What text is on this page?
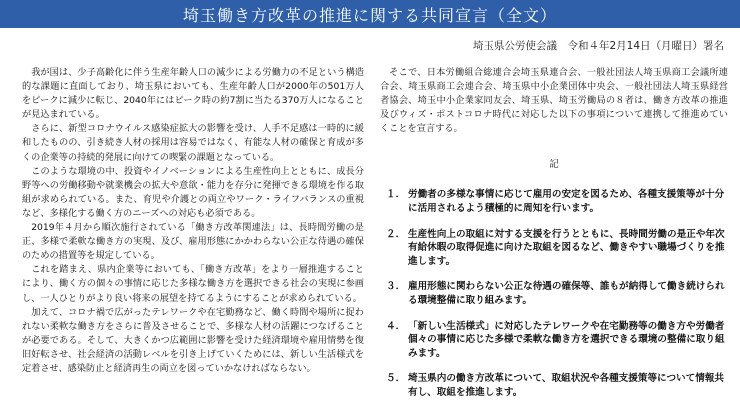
埼玉働き方改革の推進に関する共同宣言（全文）
埼玉県公労使会議　令和４年2月14日（月曜日）署名

我が国は、少子高齢化に伴う生産年齢人口の減少による労働力の不足という構造的な課題に直面しており、埼玉県においても、生産年齢人口が2000年の501万人をピークに減少に転じ、2040年にはピーク時の約7割に当たる370万人になることが見込まれている。

さらに、新型コロナウイルス感染症拡大の影響を受け、人手不足感は一時的に緩和したものの、引き続き人材の採用は容易ではなく、有能な人材の確保と育成が多くの企業等の持続的発展に向けての喫緊の課題となっている。

このような環境の中、投資やイノベーションによる生産性向上とともに、成長分野等への労働移動や就業機会の拡大や意欲・能力を存分に発揮できる環境を作る取組が求められている。また、育児や介護との両立やワーク・ライフバランスの重視など、多様化する働く方のニーズへの対応も必須である。

2019年４月から順次施行されている「働き方改革関連法」は、長時間労働の是正、多様で柔軟な働き方の実現、及び、雇用形態にかかわらない公正な待遇の確保のための措置等を規定している。

これを踏まえ、県内企業等においても、「働き方改革」をより一層推進することにより、働く方の個々の事情に応じた多様な働き方を選択できる社会の実現に参画し、一人ひとりがより良い将来の展望を持てるようにすることが求められている。

加えて、コロナ禍で広がったテレワークや在宅勤務など、働く時間や場所に捉われない柔軟な働き方をさらに普及させることで、多様な人材の活躍につなげることが必要である。そして、大きくかつ広範囲に影響を受けた経済環境や雇用情勢を復旧好転させ、社会経済の活動レベルを引き上げていくためには、新しい生活様式を定着させ、感染防止と経済再生の両立を図っていかなければならない。

そこで、日本労働組合総連合会埼玉県連合会、一般社団法人埼玉県商工会議所連合会、埼玉県商工会連合会、埼玉県中小企業団体中央会、一般社団法人埼玉県経営者協会、埼玉中小企業家同友会、埼玉県、埼玉労働局の８者は、働き方改革の推進及びウィズ・ポストコロナ時代に対応した以下の事項について連携して推進めていくことを宣言する。

記
１． 労働者の多様な事情に応じて雇用の安定を図るため、各種支援策等が十分に活用されるよう積極的に周知を行います。
２． 生産性向上の取組に対する支援を行うとともに、長時間労働の是正や年次有給休暇の取得促進に向けた取組を図るなど、働きやすい職場づくりを推進します。
３． 雇用形態に関わらない公正な待遇の確保等、誰もが納得して働き続けられる環境整備に取り組みます。
４． 「新しい生活様式」に対応したテレワークや在宅勤務等の働き方や労働者個々の事情に応じた多様で柔軟な働き方を選択できる環境の整備に取り組みます。
５． 埼玉県内の働き方改革について、取組状況や各種支援策等について情報共有し、取組を推進します。
